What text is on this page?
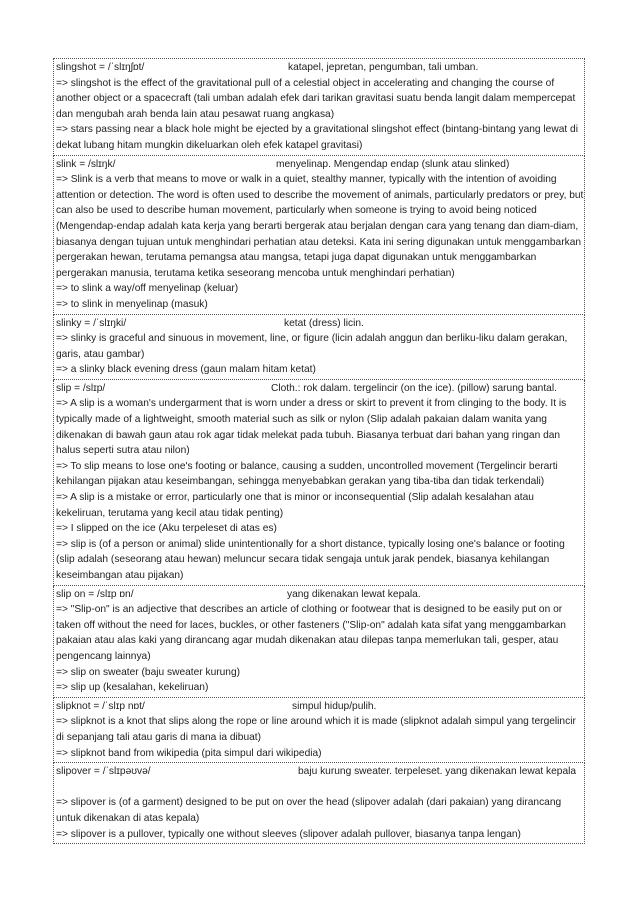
slingshot = /ˈslɪŋʃɒt/	katapel, jepretan, pengumban, tali umban.
=> slingshot is the effect of the gravitational pull of a celestial object in accelerating and changing the course of another object or a spacecraft (tali umban adalah efek dari tarikan gravitasi suatu benda langit dalam mempercepat dan mengubah arah benda lain atau pesawat ruang angkasa)
=> stars passing near a black hole might be ejected by a gravitational slingshot effect (bintang-bintang yang lewat di dekat lubang hitam mungkin dikeluarkan oleh efek katapel gravitasi)
slink = /slɪŋk/	menyelinap. Mengendap endap (slunk atau slinked)
=> Slink is a verb that means to move or walk in a quiet, stealthy manner, typically with the intention of avoiding attention or detection. The word is often used to describe the movement of animals, particularly predators or prey, but can also be used to describe human movement, particularly when someone is trying to avoid being noticed (Mengendap-endap adalah kata kerja yang berarti bergerak atau berjalan dengan cara yang tenang dan diam-diam, biasanya dengan tujuan untuk menghindari perhatian atau deteksi. Kata ini sering digunakan untuk menggambarkan pergerakan hewan, terutama pemangsa atau mangsa, tetapi juga dapat digunakan untuk menggambarkan pergerakan manusia, terutama ketika seseorang mencoba untuk menghindari perhatian)
=> to slink a way/off menyelinap (keluar)
=> to slink in menyelinap (masuk)
slinky = /ˈslɪŋki/	ketat (dress) licin.
=> slinky is graceful and sinuous in movement, line, or figure (licin adalah anggun dan berliku-liku dalam gerakan, garis, atau gambar)
=> a slinky black evening dress (gaun malam hitam ketat)
slip = /slɪp/	Cloth.: rok dalam. tergelincir (on the ice). (pillow) sarung bantal.
=> A slip is a woman's undergarment that is worn under a dress or skirt to prevent it from clinging to the body. It is typically made of a lightweight, smooth material such as silk or nylon (Slip adalah pakaian dalam wanita yang dikenakan di bawah gaun atau rok agar tidak melekat pada tubuh. Biasanya terbuat dari bahan yang ringan dan halus seperti sutra atau nilon)
=> To slip means to lose one's footing or balance, causing a sudden, uncontrolled movement (Tergelincir berarti kehilangan pijakan atau keseimbangan, sehingga menyebabkan gerakan yang tiba-tiba dan tidak terkendali)
=> A slip is a mistake or error, particularly one that is minor or inconsequential (Slip adalah kesalahan atau kekeliruan, terutama yang kecil atau tidak penting)
=> I slipped on the ice (Aku terpeleset di atas es)
=> slip is (of a person or animal) slide unintentionally for a short distance, typically losing one's balance or footing (slip adalah (seseorang atau hewan) meluncur secara tidak sengaja untuk jarak pendek, biasanya kehilangan keseimbangan atau pijakan)
slip on = /slɪp ɒn/	yang dikenakan lewat kepala.
=> "Slip-on" is an adjective that describes an article of clothing or footwear that is designed to be easily put on or taken off without the need for laces, buckles, or other fasteners ("Slip-on" adalah kata sifat yang menggambarkan pakaian atau alas kaki yang dirancang agar mudah dikenakan atau dilepas tanpa memerlukan tali, gesper, atau pengencang lainnya)
=> slip on sweater (baju sweater kurung)
=> slip up (kesalahan, kekeliruan)
slipknot = /ˈslɪp nɒt/	simpul hidup/pulih.
=> slipknot is a knot that slips along the rope or line around which it is made (slipknot adalah simpul yang tergelincir di sepanjang tali atau garis di mana ia dibuat)
=> slipknot band from wikipedia (pita simpul dari wikipedia)
slipover = /ˈslɪpəʊvə/	baju kurung sweater. terpeleset. yang dikenakan lewat kepala
=> slipover is (of a garment) designed to be put on over the head (slipover adalah (dari pakaian) yang dirancang untuk dikenakan di atas kepala)
=> slipover is a pullover, typically one without sleeves (slipover adalah pullover, biasanya tanpa lengan)
